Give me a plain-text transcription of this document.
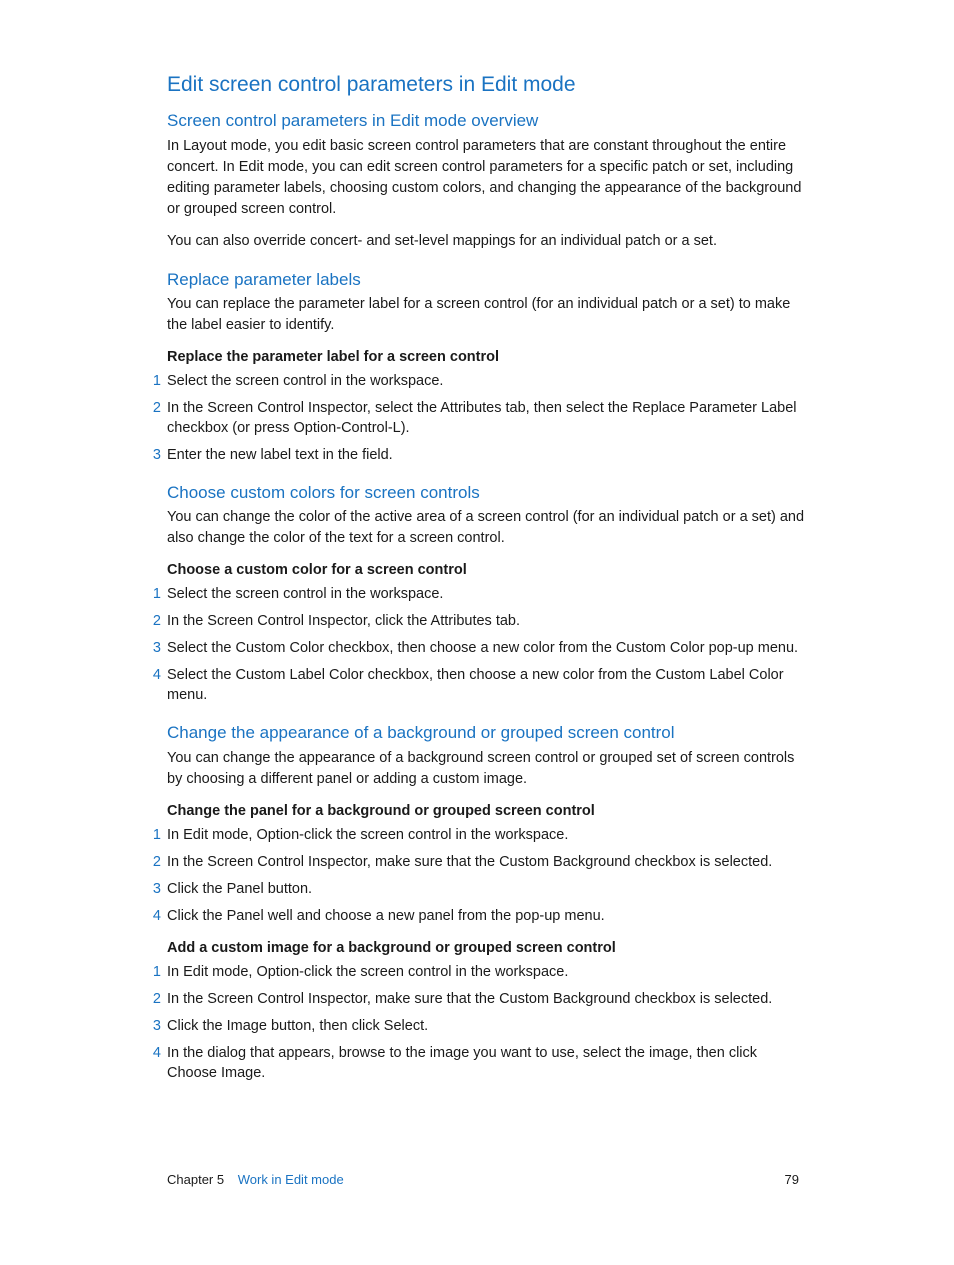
Edit screen control parameters in Edit mode
Screen control parameters in Edit mode overview

In Layout mode, you edit basic screen control parameters that are constant throughout the entire concert. In Edit mode, you can edit screen control parameters for a specific patch or set, including editing parameter labels, choosing custom colors, and changing the appearance of the background or grouped screen control.

You can also override concert- and set-level mappings for an individual patch or a set.

Replace parameter labels

You can replace the parameter label for a screen control (for an individual patch or a set) to make the label easier to identify.

Replace the parameter label for a screen control
1 Select the screen control in the workspace.
2 In the Screen Control Inspector, select the Attributes tab, then select the Replace Parameter Label checkbox (or press Option-Control-L).
3 Enter the new label text in the field.
Choose custom colors for screen controls

You can change the color of the active area of a screen control (for an individual patch or a set) and also change the color of the text for a screen control.

Choose a custom color for a screen control
1 Select the screen control in the workspace.
2 In the Screen Control Inspector, click the Attributes tab.
3 Select the Custom Color checkbox, then choose a new color from the Custom Color pop-up menu.
4 Select the Custom Label Color checkbox, then choose a new color from the Custom Label Color menu.
Change the appearance of a background or grouped screen control

You can change the appearance of a background screen control or grouped set of screen controls by choosing a different panel or adding a custom image.

Change the panel for a background or grouped screen control
1 In Edit mode, Option-click the screen control in the workspace.
2 In the Screen Control Inspector, make sure that the Custom Background checkbox is selected.
3 Click the Panel button.
4 Click the Panel well and choose a new panel from the pop-up menu.
Add a custom image for a background or grouped screen control
1 In Edit mode, Option-click the screen control in the workspace.
2 In the Screen Control Inspector, make sure that the Custom Background checkbox is selected.
3 Click the Image button, then click Select.
4 In the dialog that appears, browse to the image you want to use, select the image, then click Choose Image.
Chapter 5 Work in Edit mode	79
